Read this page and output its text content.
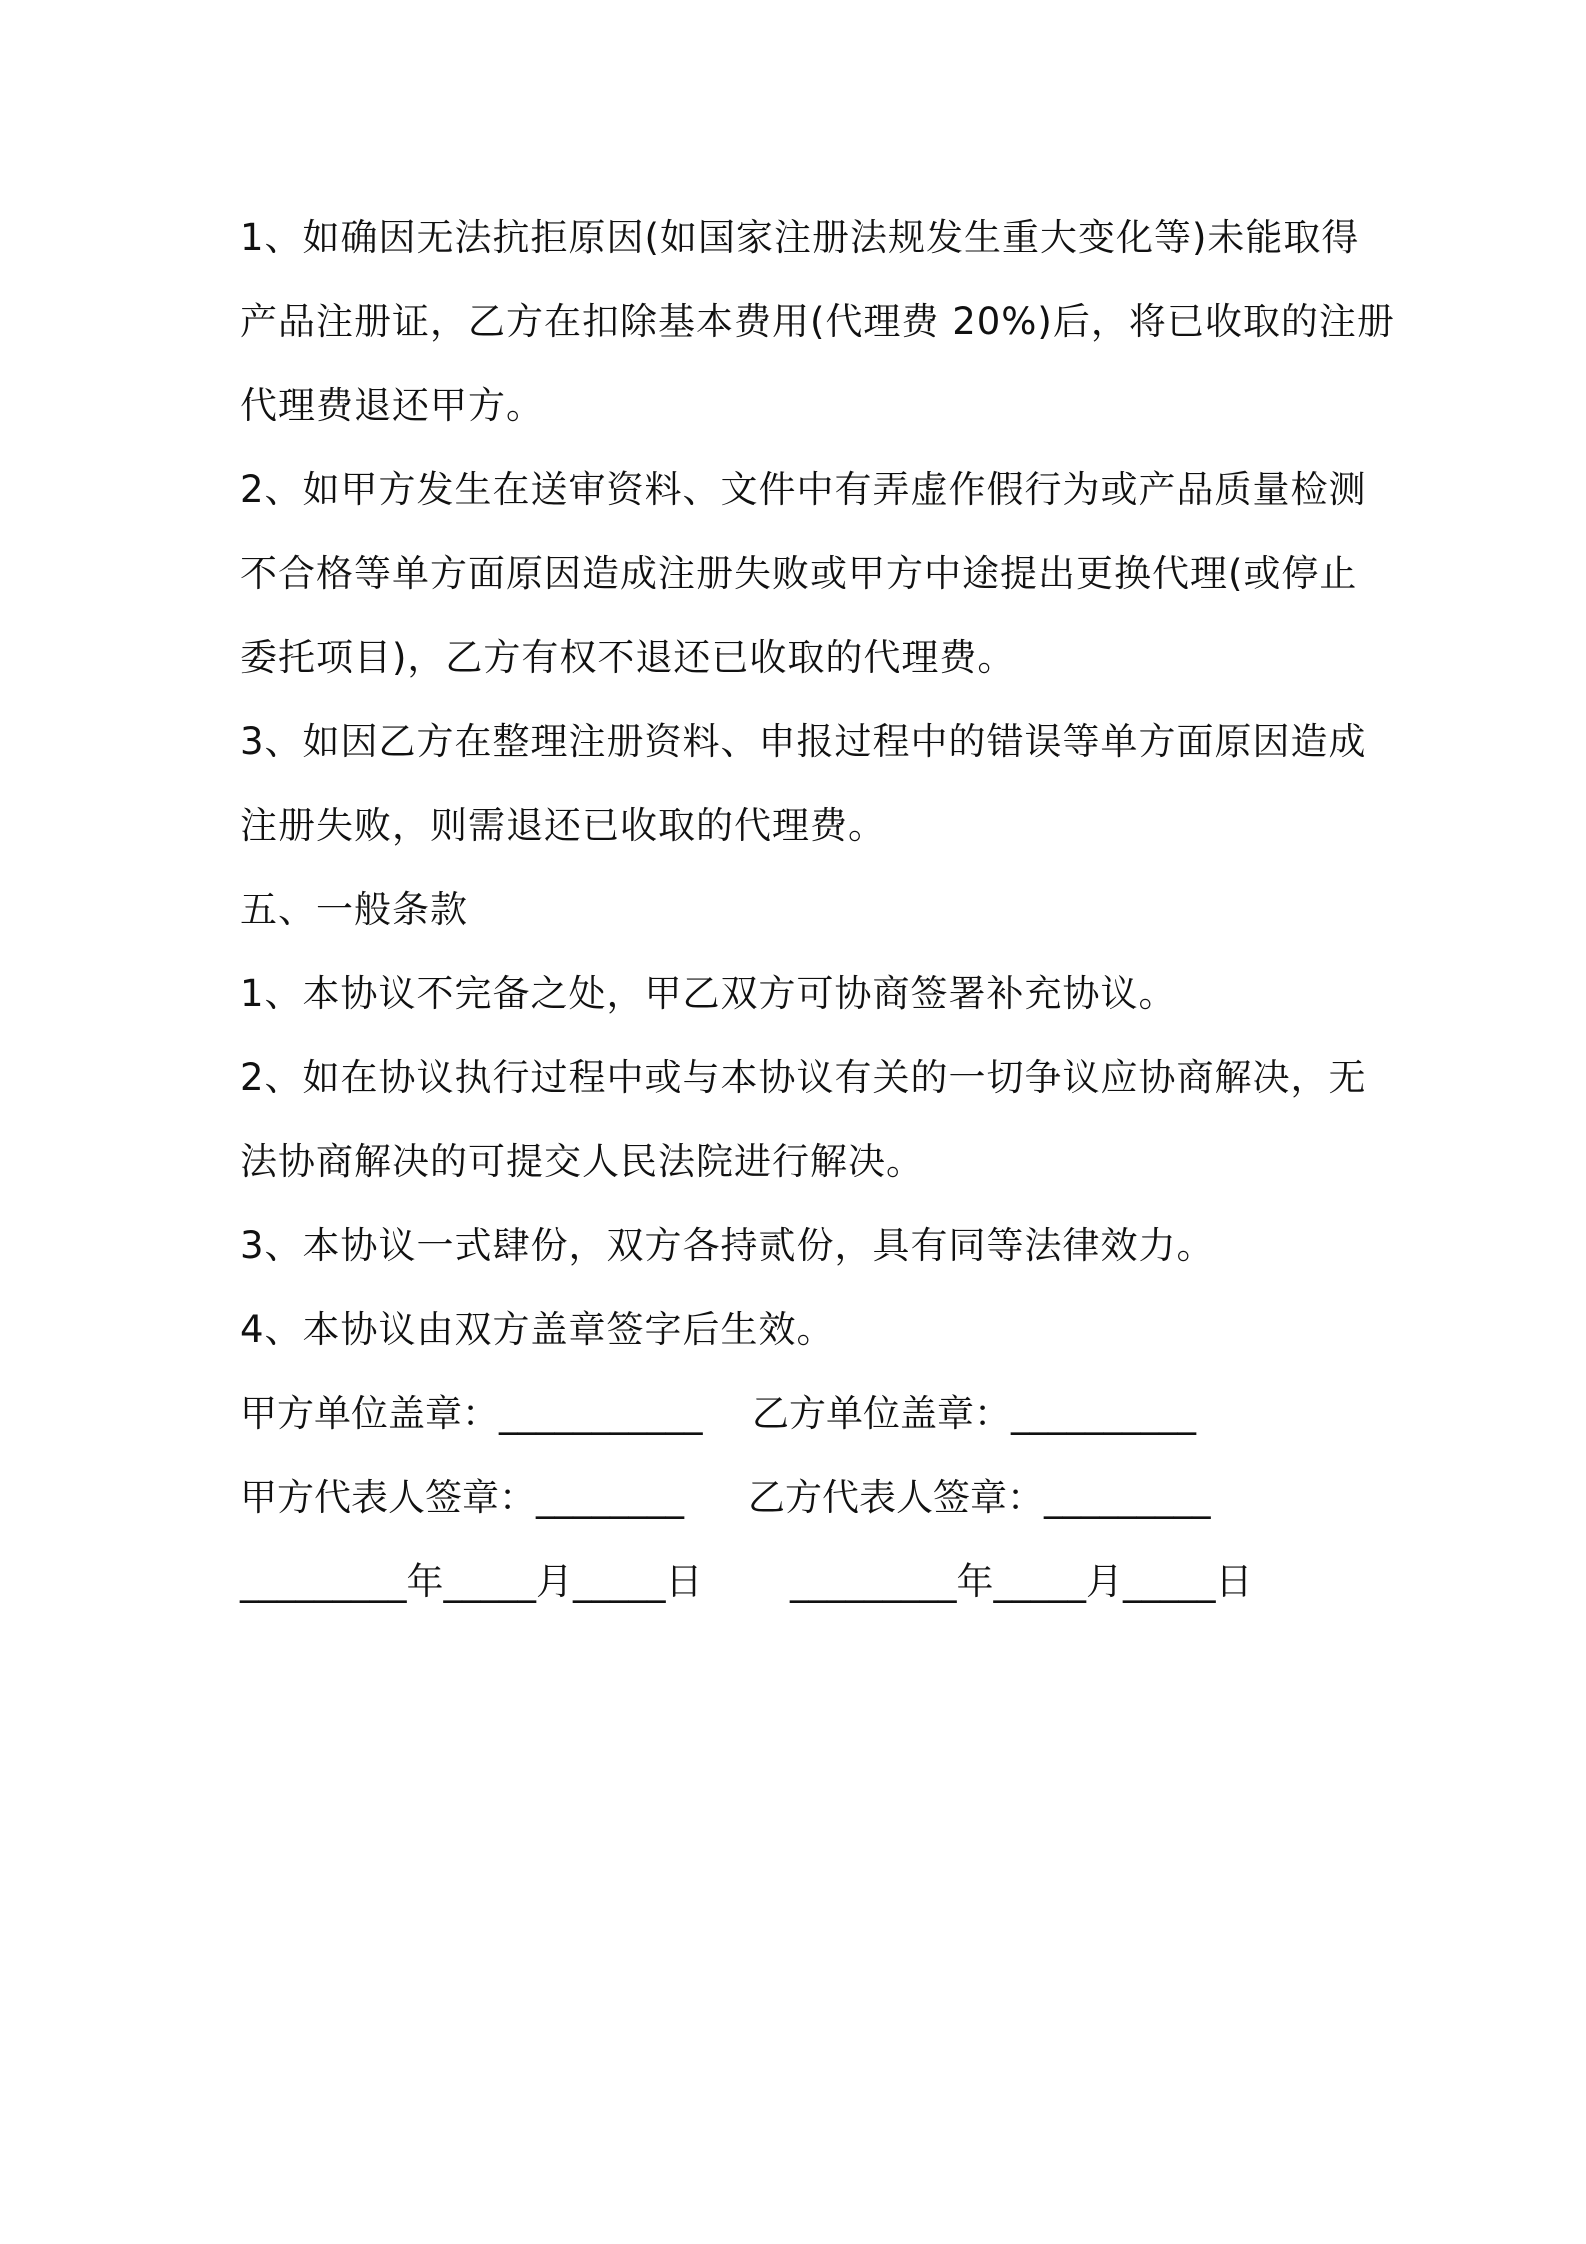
1、如确因无法抗拒原因(如国家注册法规发生重大变化等)未能取得
产品注册证，乙方在扣除基本费用(代理费 20%)后，将已收取的注册
代理费退还甲方。
2、如甲方发生在送审资料、文件中有弄虚作假行为或产品质量检测
不合格等单方面原因造成注册失败或甲方中途提出更换代理(或停止
委托项目)，乙方有权不退还已收取的代理费。
3、如因乙方在整理注册资料、申报过程中的错误等单方面原因造成
注册失败，则需退还已收取的代理费。
五、一般条款
1、本协议不完备之处，甲乙双方可协商签署补充协议。
2、如在协议执行过程中或与本协议有关的一切争议应协商解决，无
法协商解决的可提交人民法院进行解决。
3、本协议一式肆份，双方各持贰份，具有同等法律效力。
4、本协议由双方盖章签字后生效。
甲方单位盖章：___________ 乙方单位盖章：__________
甲方代表人签章：________ 乙方代表人签章：_________
_________年_____月_____日 _________年_____月_____日
